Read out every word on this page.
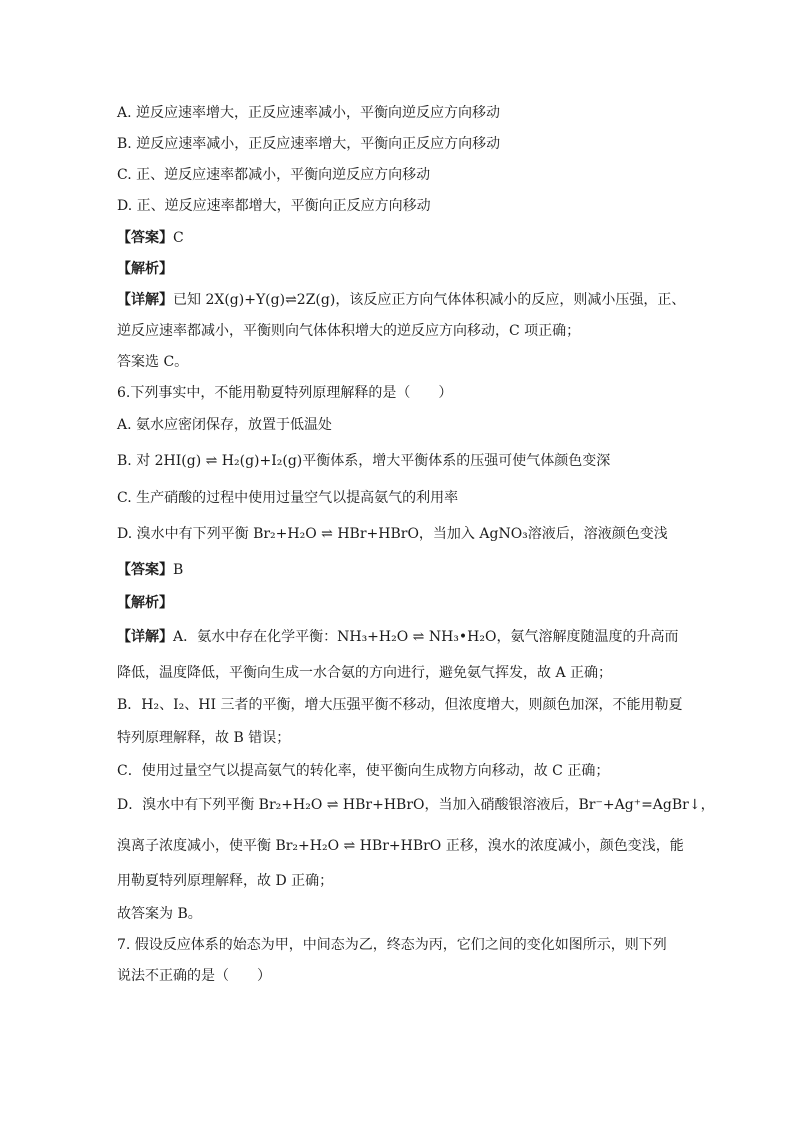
A. 逆反应速率增大，正反应速率减小，平衡向逆反应方向移动
B. 逆反应速率减小，正反应速率增大，平衡向正反应方向移动
C. 正、逆反应速率都减小，平衡向逆反应方向移动
D. 正、逆反应速率都增大，平衡向正反应方向移动
【答案】C
【解析】
【详解】已知 2X(g)+Y(g)⇌2Z(g)，该反应正方向气体体积减小的反应，则减小压强，正、
逆反应速率都减小，平衡则向气体体积增大的逆反应方向移动，C 项正确；
答案选 C。
6.下列事实中，不能用勒夏特列原理解释的是（　　）
A. 氨水应密闭保存，放置于低温处
B. 对 2HI(g) ⇌ H₂(g)+I₂(g)平衡体系，增大平衡体系的压强可使气体颜色变深
C. 生产硝酸的过程中使用过量空气以提高氨气的利用率
D. 溴水中有下列平衡 Br₂+H₂O ⇌ HBr+HBrO，当加入 AgNO₃溶液后，溶液颜色变浅
【答案】B
【解析】
【详解】A．氨水中存在化学平衡：NH₃+H₂O ⇌ NH₃•H₂O，氨气溶解度随温度的升高而
降低，温度降低，平衡向生成一水合氨的方向进行，避免氨气挥发，故 A 正确；
B．H₂、I₂、HI 三者的平衡，增大压强平衡不移动，但浓度增大，则颜色加深，不能用勒夏
特列原理解释，故 B 错误；
C．使用过量空气以提高氨气的转化率，使平衡向生成物方向移动，故 C 正确；
D．溴水中有下列平衡 Br₂+H₂O ⇌ HBr+HBrO，当加入硝酸银溶液后，Br⁻+Ag⁺=AgBr↓，
溴离子浓度减小，使平衡 Br₂+H₂O ⇌ HBr+HBrO 正移，溴水的浓度减小，颜色变浅，能
用勒夏特列原理解释，故 D 正确；
故答案为 B。
7. 假设反应体系的始态为甲，中间态为乙，终态为丙，它们之间的变化如图所示，则下列
说法不正确的是（　　）
